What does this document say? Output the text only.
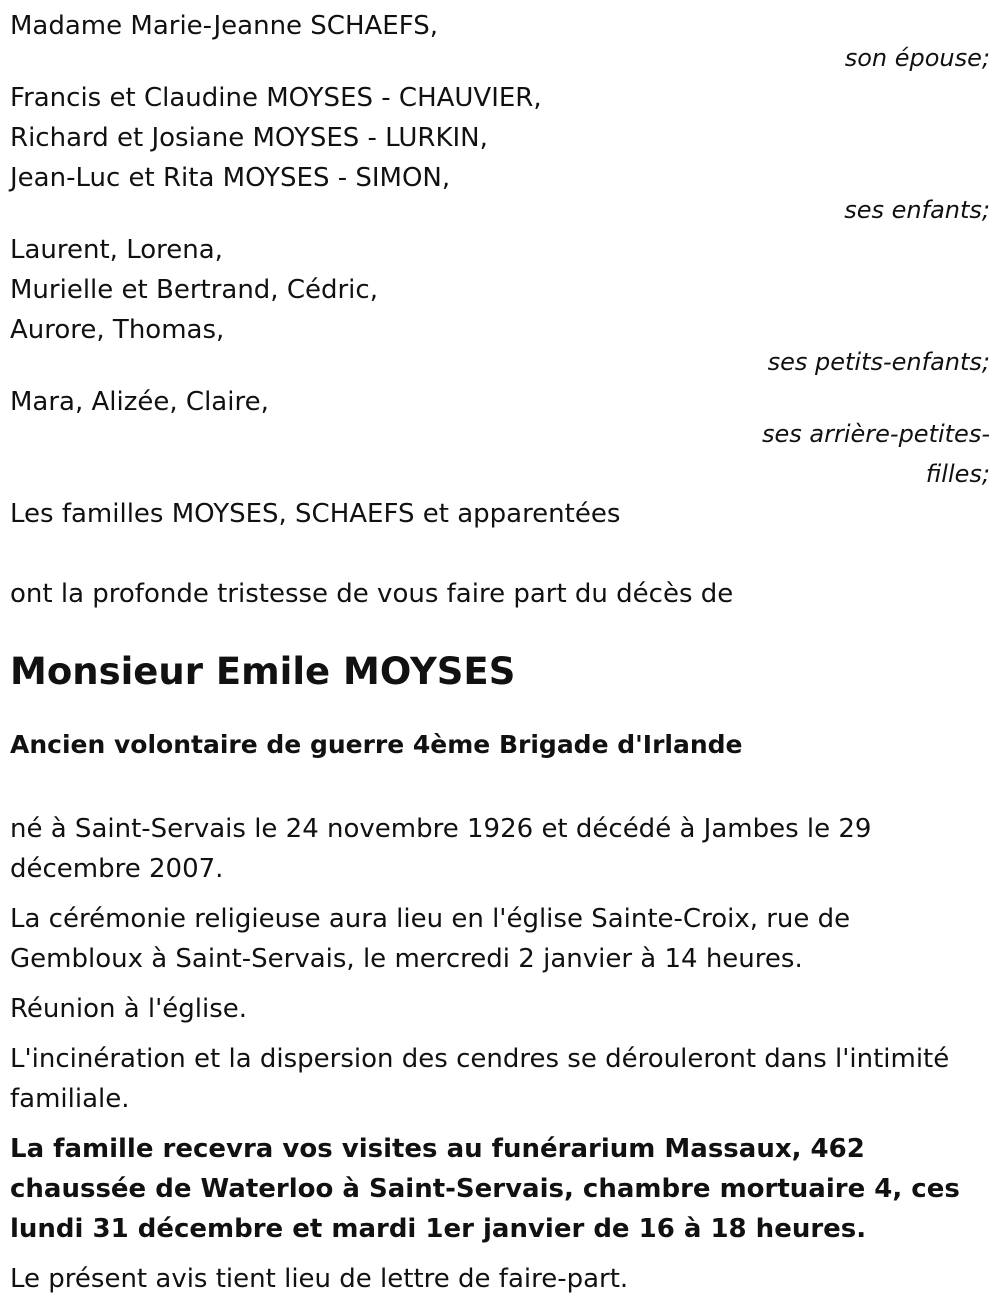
Madame Marie-Jeanne SCHAEFS,
son épouse;
Francis et Claudine MOYSES - CHAUVIER,
Richard et Josiane MOYSES - LURKIN,
Jean-Luc et Rita MOYSES - SIMON,
ses enfants;
Laurent, Lorena,
Murielle et Bertrand, Cédric,
Aurore, Thomas,
ses petits-enfants;
Mara, Alizée, Claire,
ses arrière-petites-
filles;
Les familles MOYSES, SCHAEFS et apparentées
ont la profonde tristesse de vous faire part du décès de
Monsieur Emile MOYSES
Ancien volontaire de guerre 4ème Brigade d'Irlande

né à Saint-Servais le 24 novembre 1926 et décédé à Jambes le 29 décembre 2007.

La cérémonie religieuse aura lieu en l'église Sainte-Croix, rue de Gembloux à Saint-Servais, le mercredi 2 janvier à 14 heures.

Réunion à l'église.

L'incinération et la dispersion des cendres se dérouleront dans l'intimité familiale.

La famille recevra vos visites au funérarium Massaux, 462 chaussée de Waterloo à Saint-Servais, chambre mortuaire 4, ces lundi 31 décembre et mardi 1er janvier de 16 à 18 heures.

Le présent avis tient lieu de lettre de faire-part.
